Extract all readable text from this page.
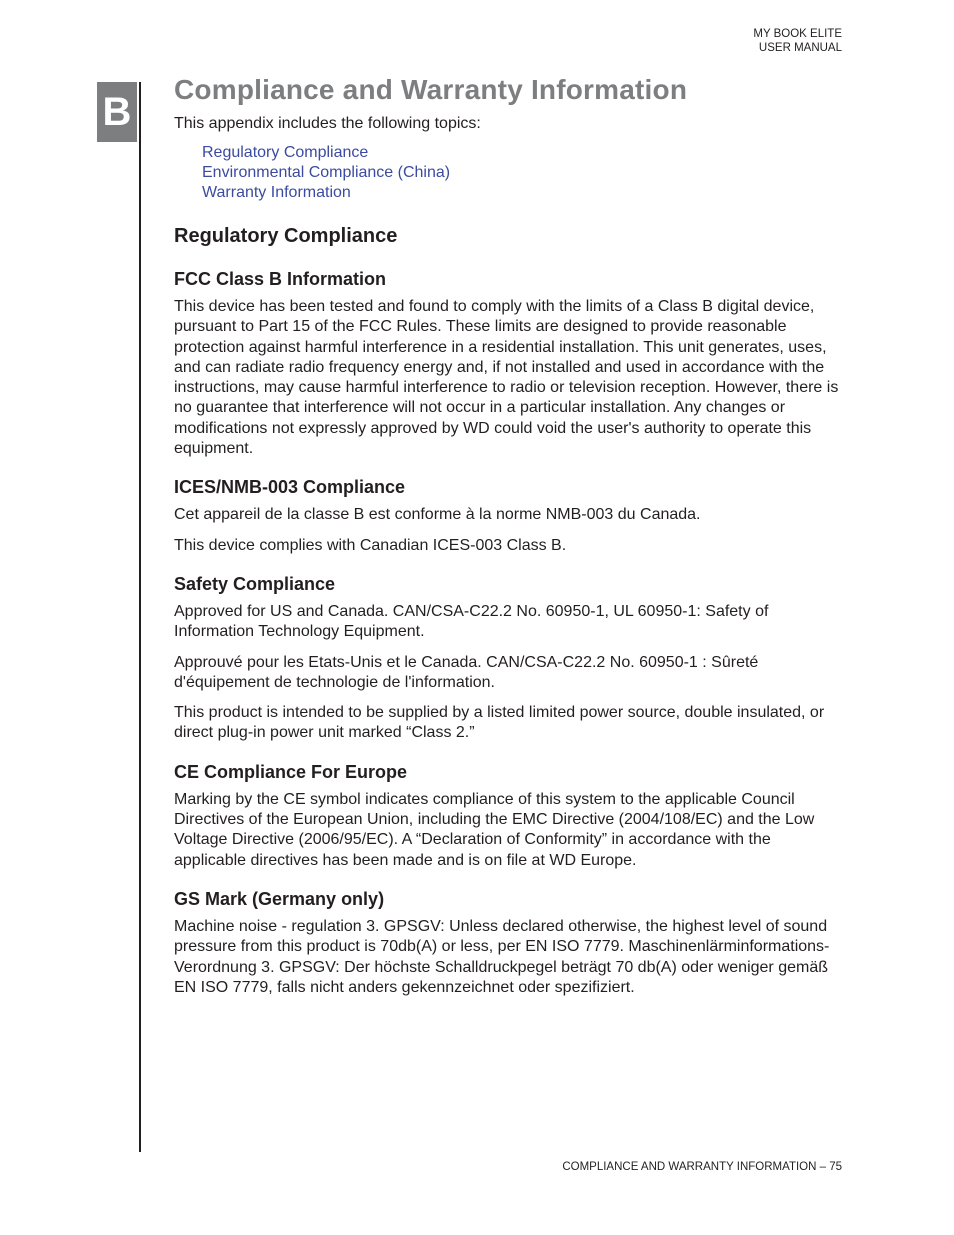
MY BOOK ELITE
USER MANUAL
B
Compliance and Warranty Information
This appendix includes the following topics:
Regulatory Compliance
Environmental Compliance (China)
Warranty Information
Regulatory Compliance
FCC Class B Information

This device has been tested and found to comply with the limits of a Class B digital device, pursuant to Part 15 of the FCC Rules. These limits are designed to provide reasonable protection against harmful interference in a residential installation. This unit generates, uses, and can radiate radio frequency energy and, if not installed and used in accordance with the instructions, may cause harmful interference to radio or television reception. However, there is no guarantee that interference will not occur in a particular installation. Any changes or modifications not expressly approved by WD could void the user's authority to operate this equipment.

ICES/NMB-003 Compliance

Cet appareil de la classe B est conforme à la norme NMB-003 du Canada.

This device complies with Canadian ICES-003 Class B.

Safety Compliance

Approved for US and Canada. CAN/CSA-C22.2 No. 60950-1, UL 60950-1: Safety of Information Technology Equipment.

Approuvé pour les Etats-Unis et le Canada. CAN/CSA-C22.2 No. 60950-1 : Sûreté d'équipement de technologie de l'information.

This product is intended to be supplied by a listed limited power source, double insulated, or direct plug-in power unit marked “Class 2.”

CE Compliance For Europe

Marking by the CE symbol indicates compliance of this system to the applicable Council Directives of the European Union, including the EMC Directive (2004/108/EC) and the Low Voltage Directive (2006/95/EC). A “Declaration of Conformity” in accordance with the applicable directives has been made and is on file at WD Europe.

GS Mark (Germany only)

Machine noise - regulation 3. GPSGV: Unless declared otherwise, the highest level of sound pressure from this product is 70db(A) or less, per EN ISO 7779. Maschinenlärminformations-Verordnung 3. GPSGV: Der höchste Schalldruckpegel beträgt 70 db(A) oder weniger gemäß EN ISO 7779, falls nicht anders gekennzeichnet oder spezifiziert.

COMPLIANCE AND WARRANTY INFORMATION – 75
